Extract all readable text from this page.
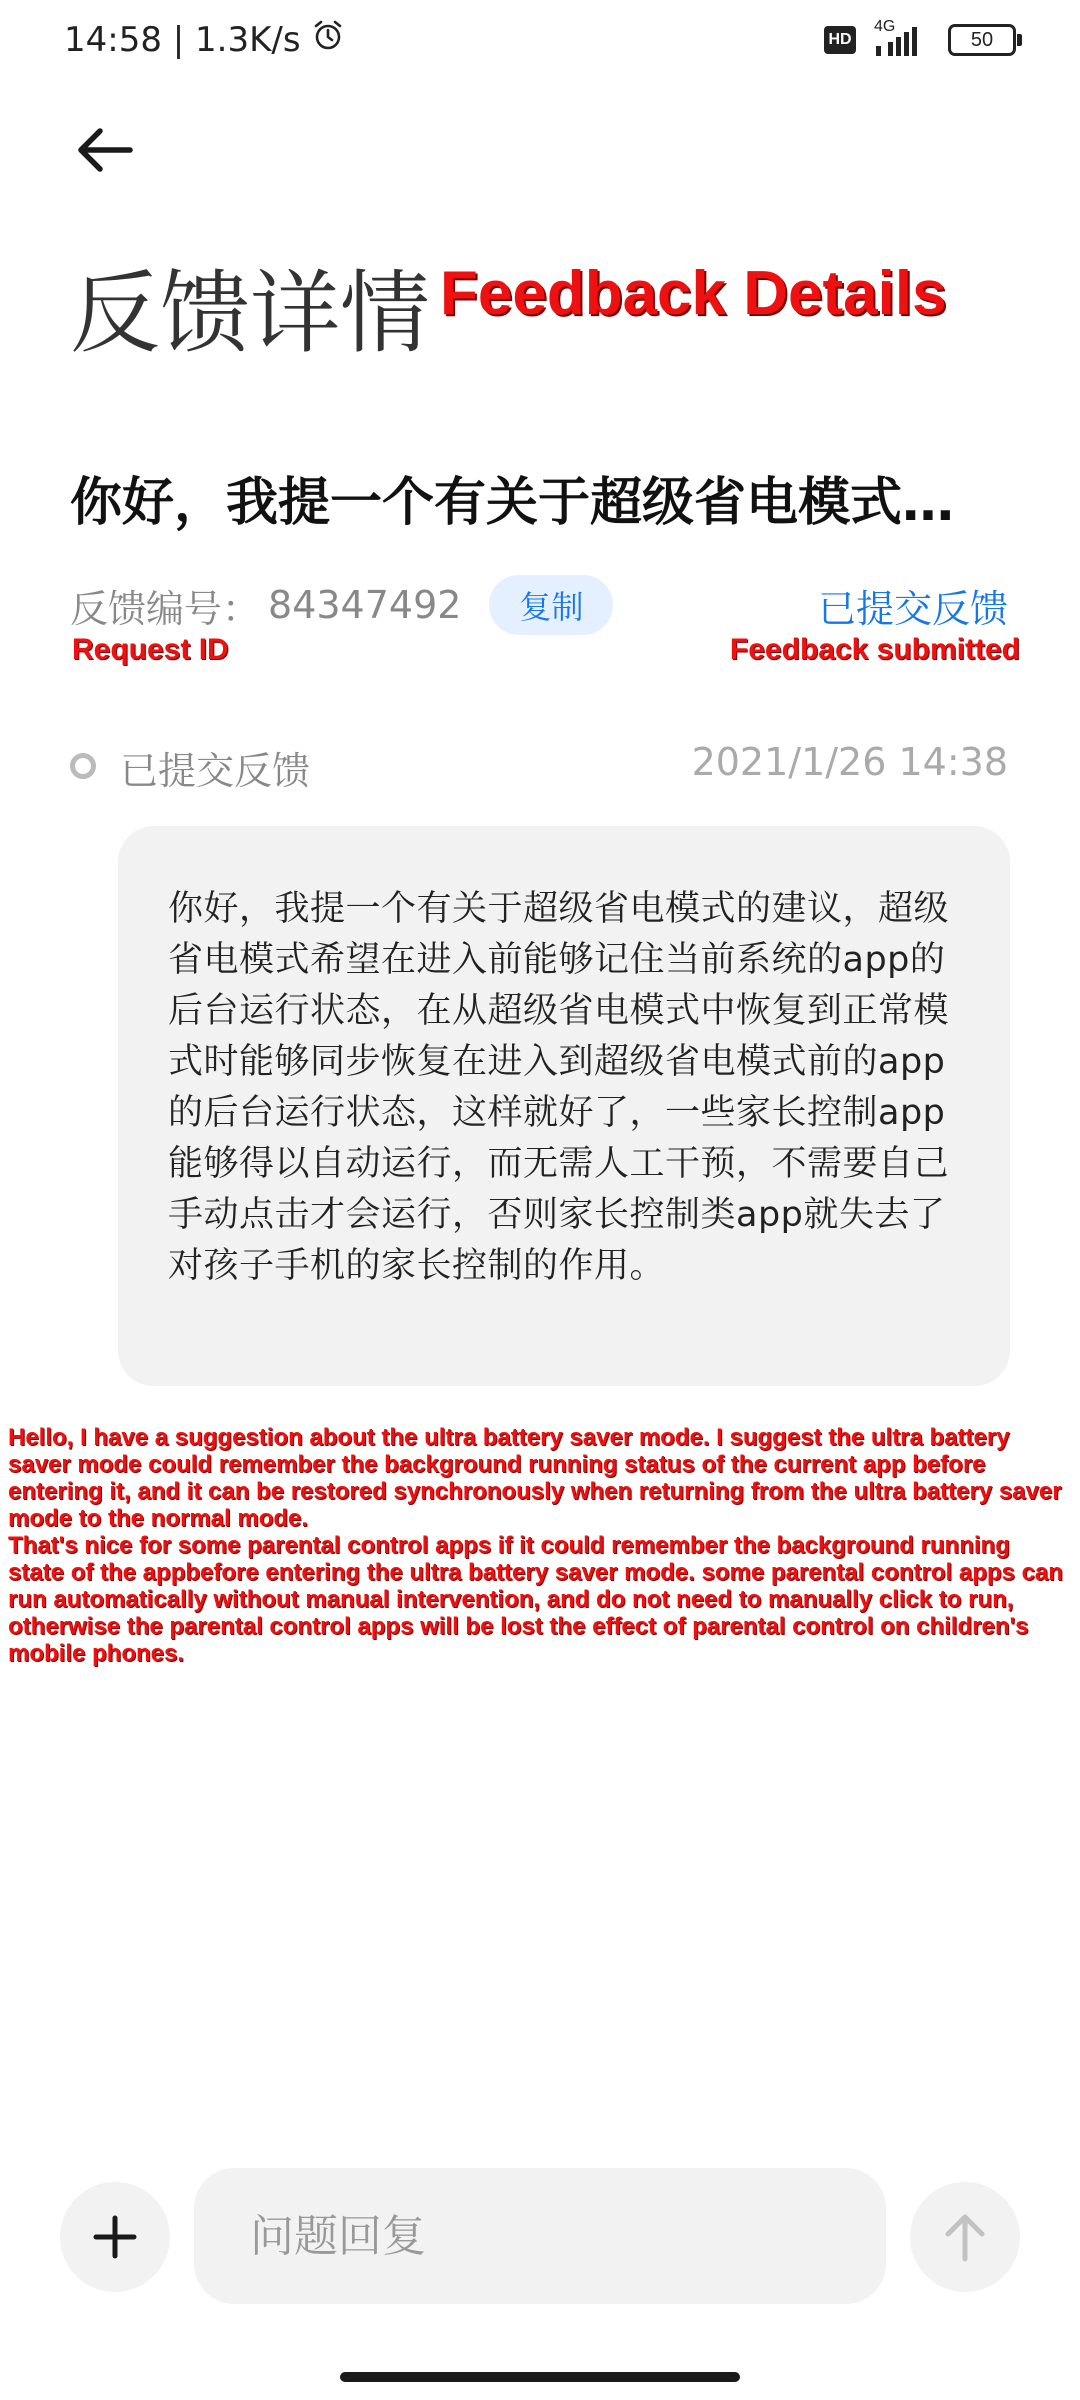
14:58 | 1.3K/s	HD
4G
50
反馈详情 Feedback Details
你好，我提一个有关于超级省电模式…
反馈编号： 84347492	复制	已提交反馈
Request ID	Feedback submitted
已提交反馈	2021/1/26 14:38
你好，我提一个有关于超级省电模式的建议，超级省电模式希望在进入前能够记住当前系统的app的后台运行状态，在从超级省电模式中恢复到正常模式时能够同步恢复在进入到超级省电模式前的app的后台运行状态，这样就好了，一些家长控制app能够得以自动运行，而无需人工干预，不需要自己手动点击才会运行，否则家长控制类app就失去了对孩子手机的家长控制的作用。

Hello, I have a suggestion about the ultra battery saver mode. I suggest the ultra battery saver mode could remember the background running status of the current app before entering it, and it can be restored synchronously when returning from the ultra battery saver mode to the normal mode.

That's nice for some parental control apps if it could remember the background running state of the appbefore entering the ultra battery saver mode. some parental control apps can run automatically without manual intervention, and do not need to manually click to run, otherwise the parental control apps will be lost the effect of parental control on children's mobile phones.

问题回复
